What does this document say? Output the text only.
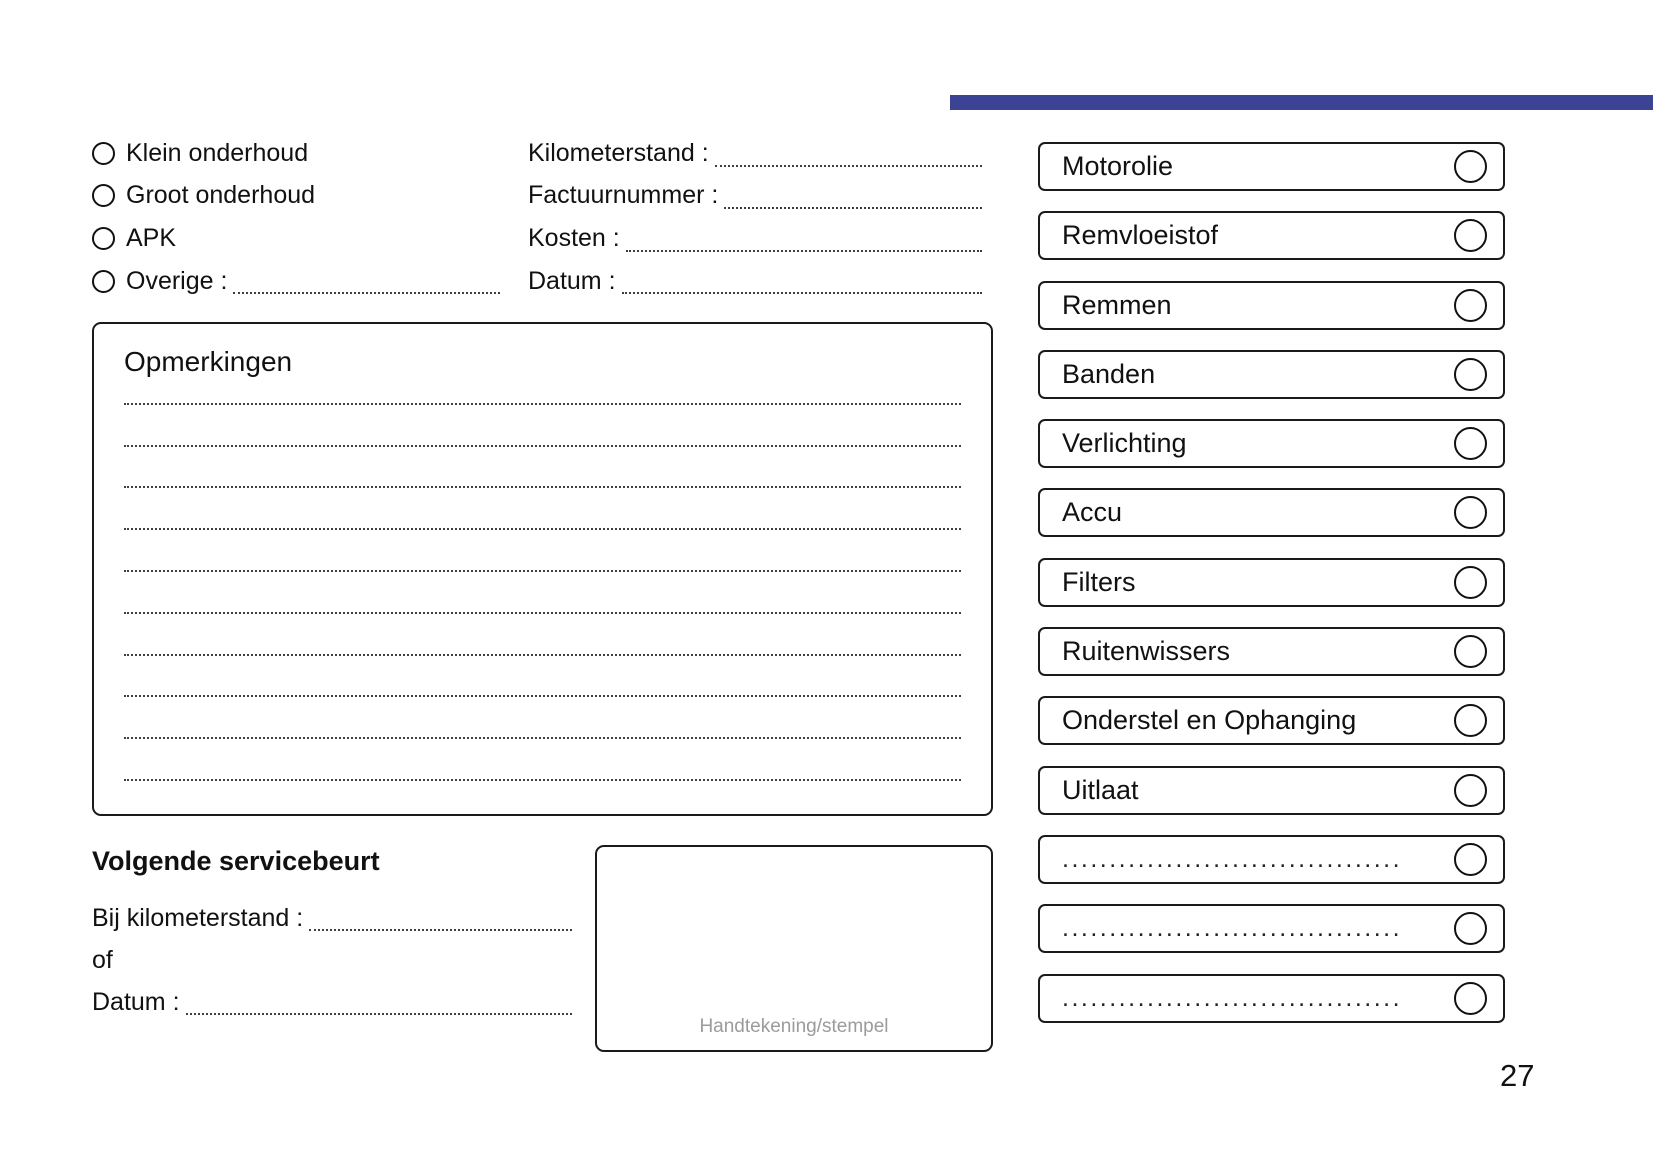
Klein onderhoud
Groot onderhoud
APK
Overige :
Kilometerstand :
Factuurnummer :
Kosten :
Datum :
Opmerkingen
Volgende servicebeurt
Bij kilometerstand :
of
Datum :
Handtekening/stempel
Motorolie
Remvloeistof
Remmen
Banden
Verlichting
Accu
Filters
Ruitenwissers
Onderstel en Ophanging
Uitlaat
....................................
....................................
....................................
27
